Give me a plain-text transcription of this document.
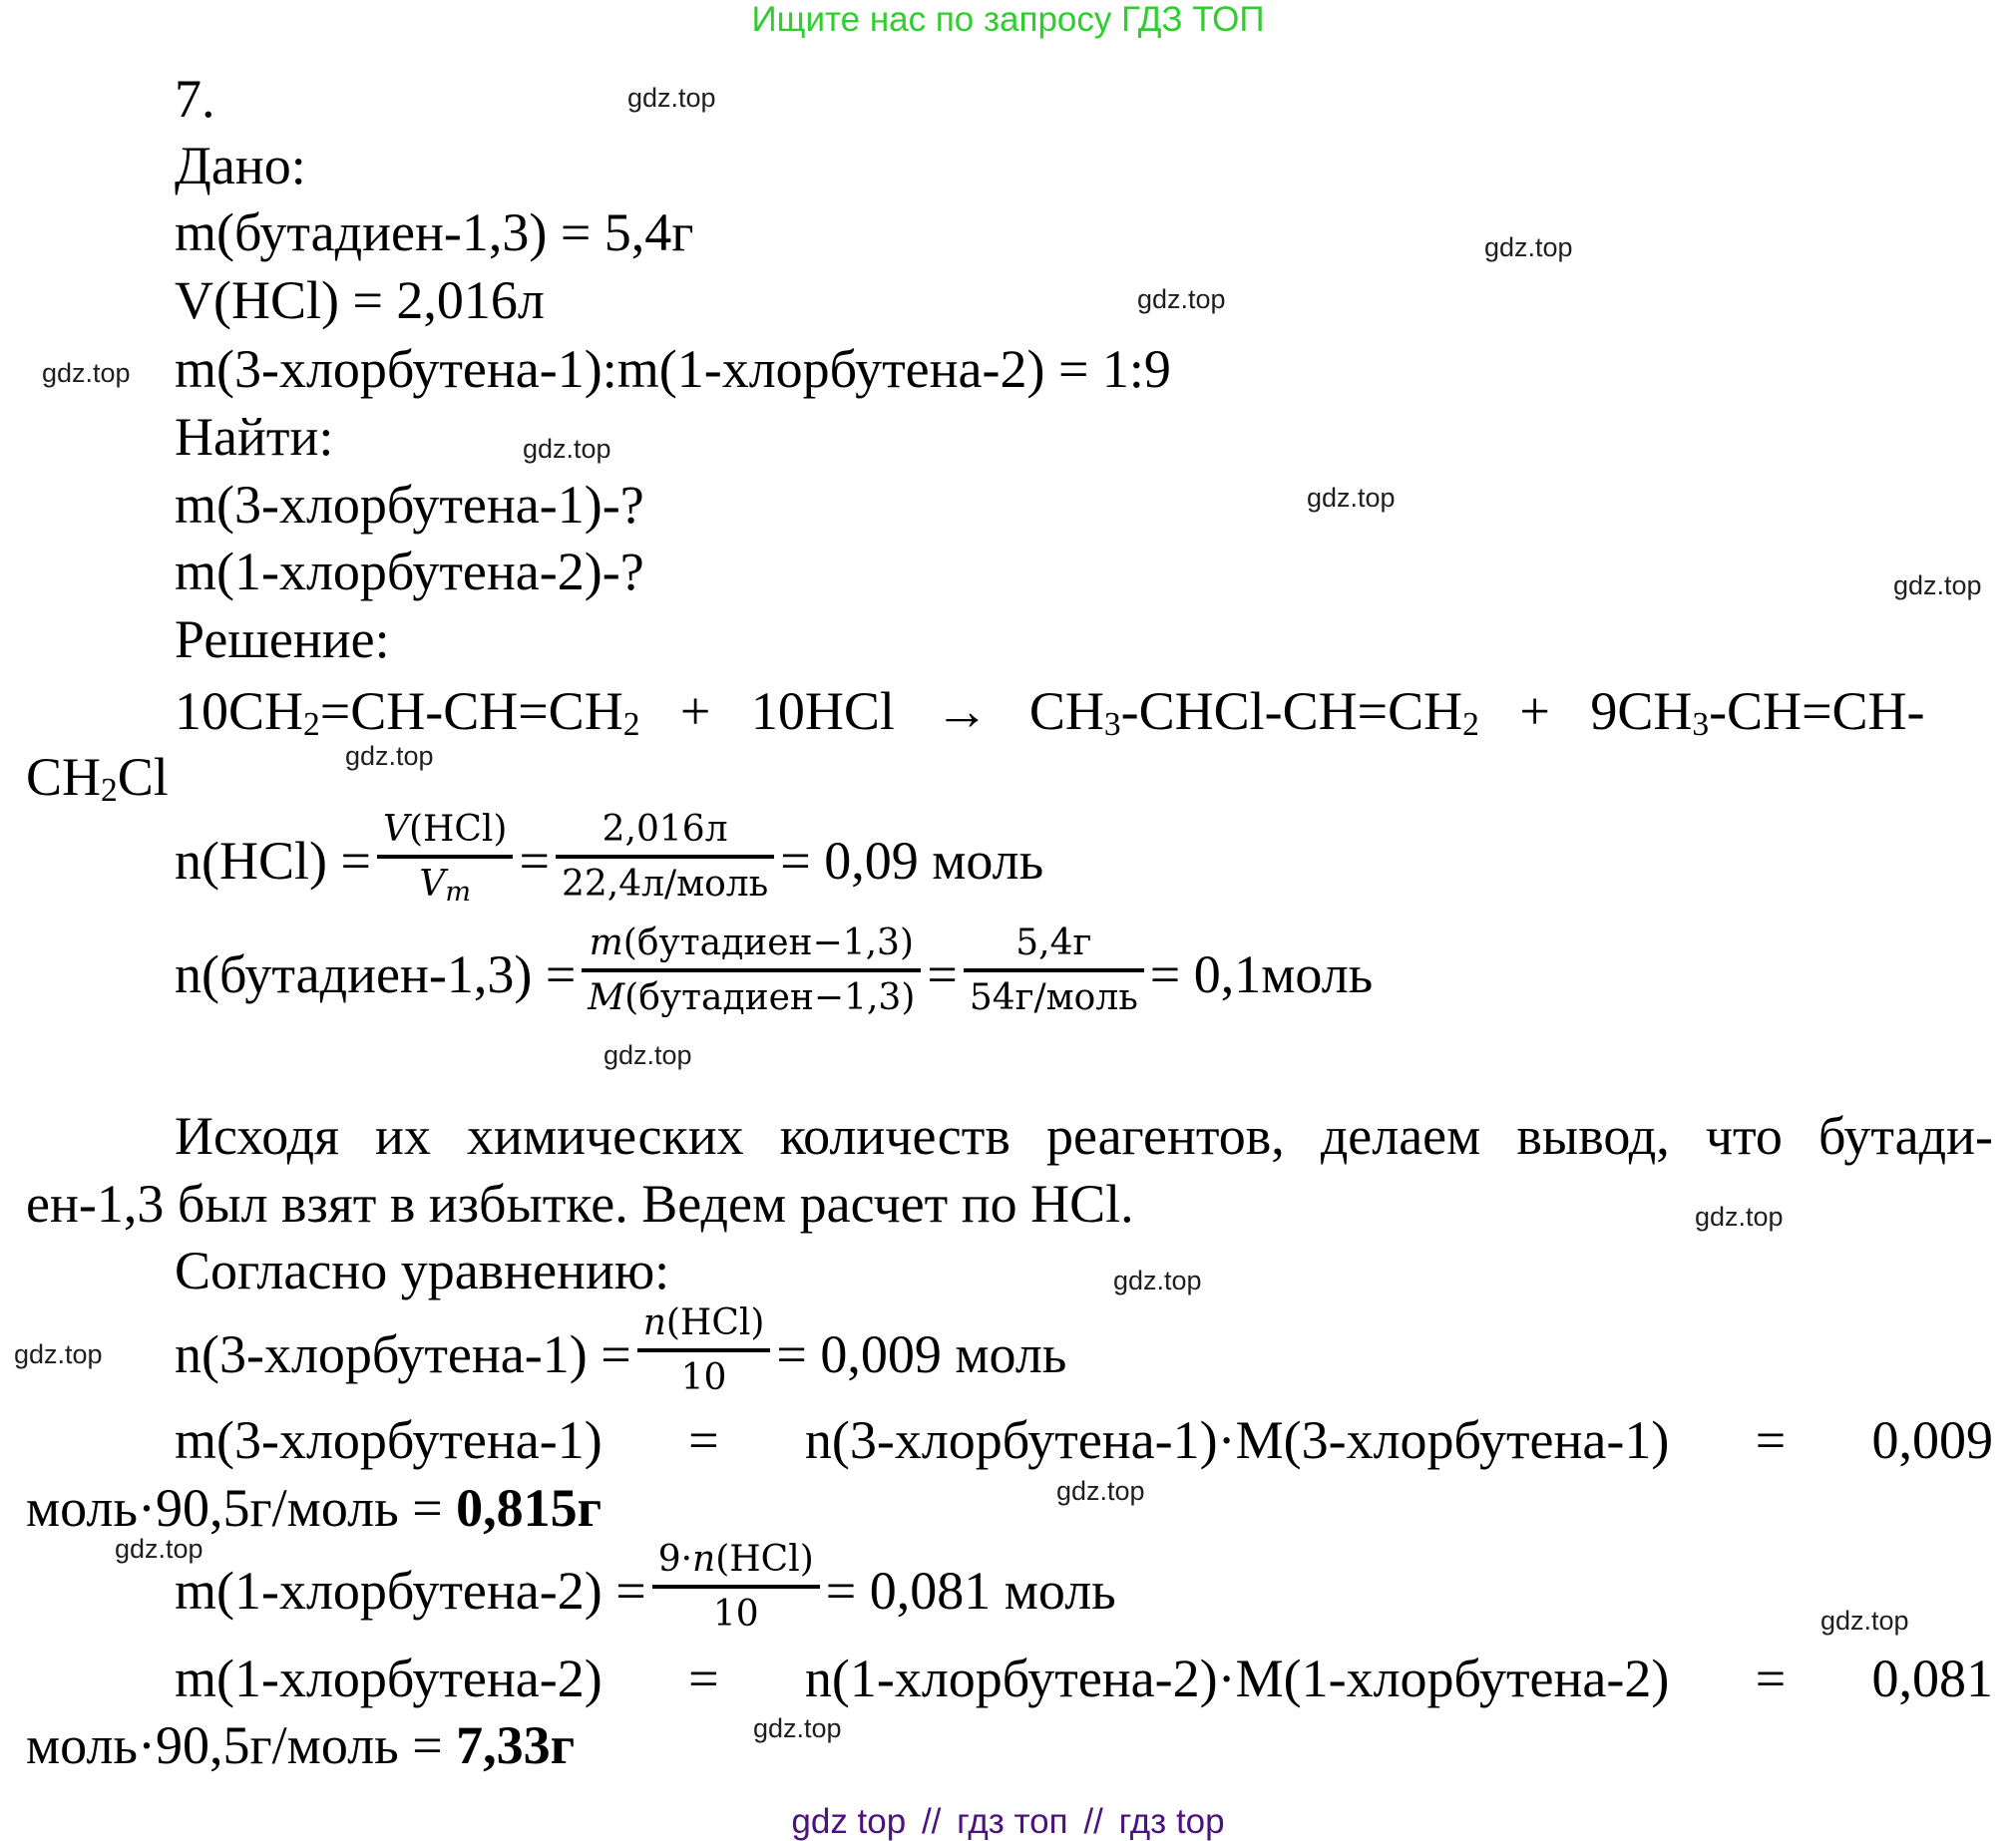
Ищите нас по запросу ГДЗ ТОП
7.
Дано:
m(бутадиен-1,3) = 5,4г
V(HCl) = 2,016л
m(3-хлорбутена-1):m(1-хлорбутена-2) = 1:9
Найти:
m(3-хлорбутена-1)-?
m(1-хлорбутена-2)-?
Решение:
$10CH_2=CH-CH=CH_2 + 10HCl$ → $CH_3-CHCl-CH=CH_2 + 9CH_3-CH=CH-$
$CH_2Cl$
$n(HCl) = \frac{\text{V(HCl)}}{V_m} = \frac{2,016л}{\text{22,4л/моль}} = 0,09$ моль
n(бутадиен-1,3) = $\frac{\text{m(бутадиен−1,3)}}{\text{M(бутадиен−1,3)}} = \frac{5,4г}{\text{54г/моль}}$ = 0,1моль
Исходя их химических количеств реагентов, делаем вывод, что бутади-
ен-1,3 был взят в избытке. Ведем расчет по HCl.
Согласно уравнению:
n(3-хлорбутена-1) = $\frac{\text{n(HCl)}}{10} = 0,009$ моль
m(3-хлорбутена-1) = n(3-хлорбутена-1)·M(3-хлорбутена-1) = 0,009
моль·90,5г/моль = 0,815г
m(1-хлорбутена-2) = $\frac{\text{9·n(HCl)}}{10} = 0,081$ моль
m(1-хлорбутена-2) = n(1-хлорбутена-2)·M(1-хлорбутена-2) = 0,081
моль·90,5г/моль = 7,33г
gdz.top
gdz.top
gdz.top
gdz.top
gdz.top
gdz.top
gdz.top
gdz.top
gdz.top
gdz.top
gdz.top
gdz.top
gdz.top
gdz.top
gdz.top
gdz.top
gdz top // гдз топ // гдз top
